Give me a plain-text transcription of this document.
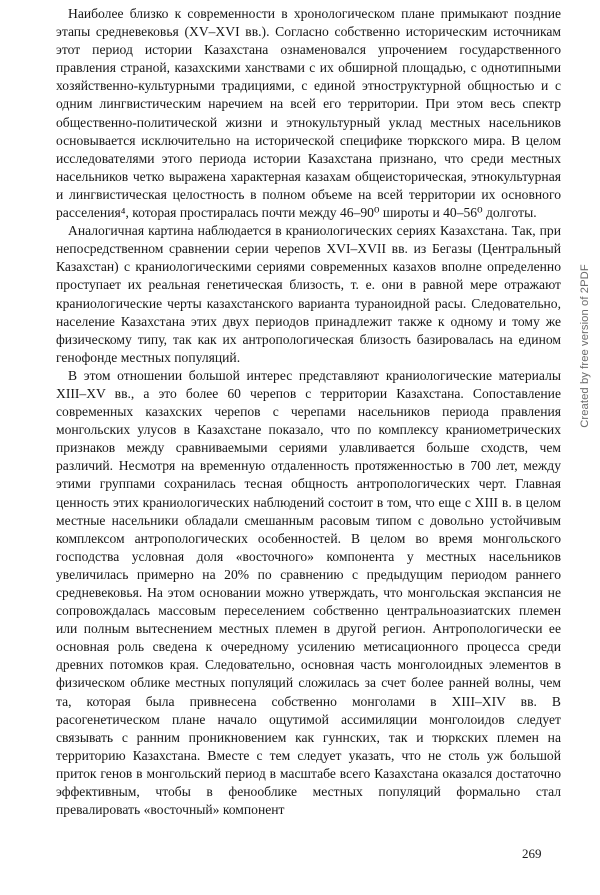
Наиболее близко к современности в хронологическом плане примыкают поздние этапы средневековья (XV–XVI вв.). Согласно собственно историческим источникам этот период истории Казахстана ознаменовался упрочением государственного правления страной, казахскими ханствами с их обширной площадью, с однотипными хозяйственно-культурными традициями, с единой этноструктурной общностью и с одним лингвистическим наречием на всей его территории. При этом весь спектр общественно-политической жизни и этнокультурный уклад местных насельников основывается исключительно на исторической специфике тюркского мира. В целом исследователями этого периода истории Казахстана признано, что среди местных насельников четко выражена характерная казахам общеисторическая, этнокультурная и лингвистическая целостность в полном объеме на всей территории их основного расселения⁴, которая простиралась почти между 46–90⁰ широты и 40–56⁰ долготы.

Аналогичная картина наблюдается в краниологических сериях Казахстана. Так, при непосредственном сравнении серии черепов XVI–XVII вв. из Бегазы (Центральный Казахстан) с краниологическими сериями современных казахов вполне определенно проступает их реальная генетическая близость, т. е. они в равной мере отражают краниологические черты казахстанского варианта туранoидной расы. Следовательно, население Казахстана этих двух периодов принадлежит также к одному и тому же физическому типу, так как их антропологическая близость базировалась на едином генофонде местных популяций.

В этом отношении большой интерес представляют краниологические материалы XIII–XV вв., а это более 60 черепов с территории Казахстана. Сопоставление современных казахских черепов с черепами насельников периода правления монгольских улусов в Казахстане показало, что по комплексу краниометрических признаков между сравниваемыми сериями улавливается больше сходств, чем различий. Несмотря на временную отдаленность протяженностью в 700 лет, между этими группами сохранилась тесная общность антропологических черт. Главная ценность этих краниологических наблюдений состоит в том, что еще с XIII в. в целом местные насельники обладали смешанным расовым типом с довольно устойчивым комплексом антропологических особенностей. В целом во время монгольского господства условная доля «восточного» компонента у местных насельников увеличилась примерно на 20% по сравнению с предыдущим периодом раннего средневековья. На этом основании можно утверждать, что монгольская экспансия не сопровождалась массовым переселением собственно центральноазиатских племен или полным вытеснением местных племен в другой регион. Антропологически ее основная роль сведена к очередному усилению метисационного процесса среди древних потомков края. Следовательно, основная часть монголоидных элементов в физическом облике местных популяций сложилась за счет более ранней волны, чем та, которая была привнесена собственно монголами в XIII–XIV вв. В расогенетическом плане начало ощутимой ассимиляции монголоидов следует связывать с ранним проникновением как гуннских, так и тюркских племен на территорию Казахстана. Вместе с тем следует указать, что не столь уж большой приток генов в монгольский период в масштабе всего Казахстана оказался достаточно эффективным, чтобы в фенооблике местных популяций формально стал превалировать «восточный» компонент

269
Created by free version of 2PDF
